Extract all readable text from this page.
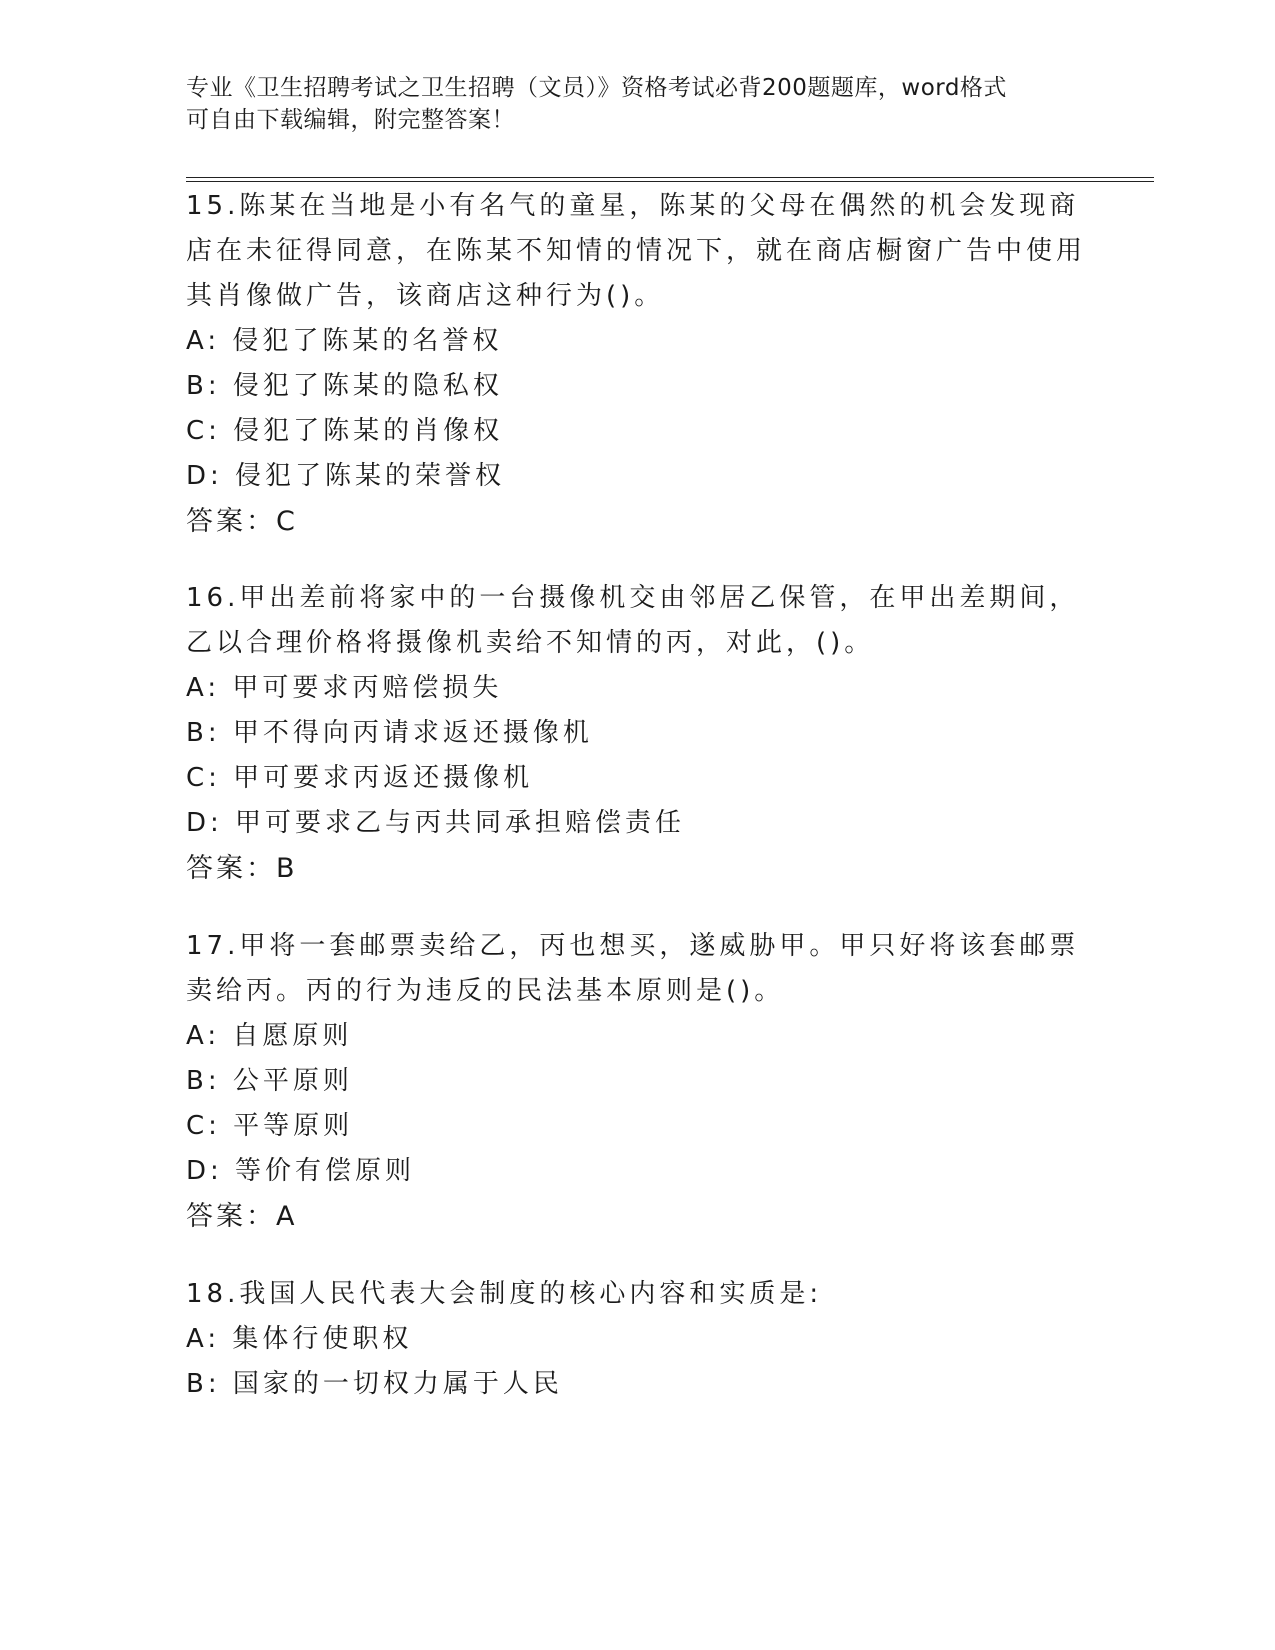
专业《卫生招聘考试之卫生招聘（文员）》资格考试必背200题题库，word格式
可自由下载编辑，附完整答案！

15.陈某在当地是小有名气的童星，陈某的父母在偶然的机会发现商店在未征得同意，在陈某不知情的情况下，就在商店橱窗广告中使用其肖像做广告，该商店这种行为()。

A: 侵犯了陈某的名誉权
B: 侵犯了陈某的隐私权
C: 侵犯了陈某的肖像权
D: 侵犯了陈某的荣誉权
答案：C

16.甲出差前将家中的一台摄像机交由邻居乙保管，在甲出差期间，乙以合理价格将摄像机卖给不知情的丙，对此，()。

A: 甲可要求丙赔偿损失
B: 甲不得向丙请求返还摄像机
C: 甲可要求丙返还摄像机
D: 甲可要求乙与丙共同承担赔偿责任
答案：B

17.甲将一套邮票卖给乙，丙也想买，遂威胁甲。甲只好将该套邮票卖给丙。丙的行为违反的民法基本原则是()。

A: 自愿原则
B: 公平原则
C: 平等原则
D: 等价有偿原则
答案：A

18.我国人民代表大会制度的核心内容和实质是:

A: 集体行使职权
B: 国家的一切权力属于人民
